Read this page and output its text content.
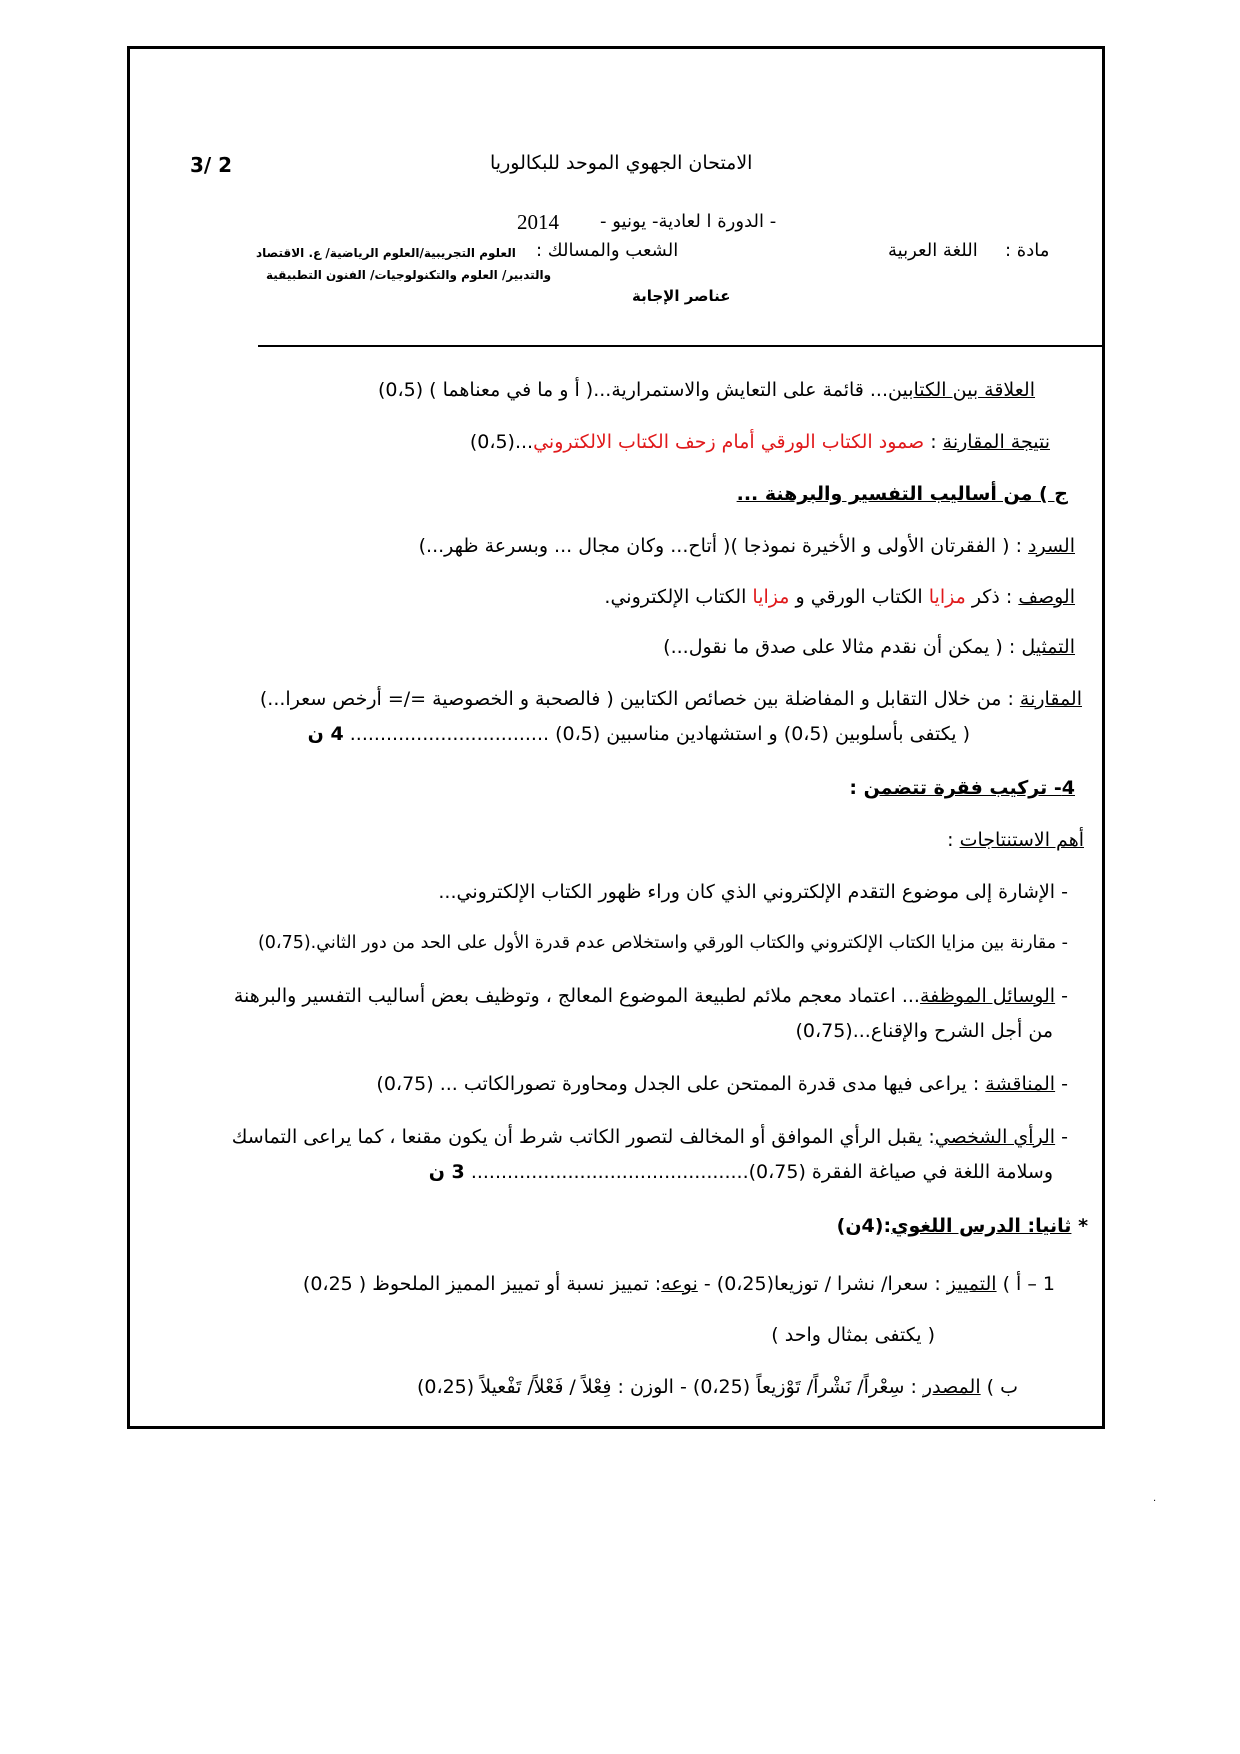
3/ 2	الامتحان الجهوي الموحد للبكالوريا
- الدورة ا لعادية- يونيو -
2014
مادة :
اللغة العربية
الشعب والمسالك :
العلوم التجريبية/العلوم الرياضية/ ع. الاقتصاد
والتدبير/ العلوم والتكنولوجيات/ الفنون التطبيقية
عناصر الإجابة
العلاقة بين الكتابين... قائمة على التعايش والاستمرارية...( أ و ما في معناهما ) (0،5)
نتيجة المقارنة : صمود الكتاب الورقي أمام زحف الكتاب الالكتروني...(0،5)
ج ) من أساليب التفسير والبرهنة ...
السرد : ( الفقرتان الأولى و الأخيرة نموذجا )( أتاح... وكان مجال ... وبسرعة ظهر...)
الوصف : ذكر مزايا الكتاب الورقي و مزايا الكتاب الإلكتروني.
التمثيل : ( يمكن أن نقدم مثالا على صدق ما نقول...)
المقارنة : من خلال التقابل و المفاضلة بين خصائص الكتابين ( فالصحبة و الخصوصية =/= أرخص سعرا...)
( يكتفى بأسلوبين (0،5) و استشهادين مناسبين (0،5) ................................. 4 ن
4- تركيب فقرة تتضمن :
أهم الاستنتاجات :
- الإشارة إلى موضوع التقدم الإلكتروني الذي كان وراء ظهور الكتاب الإلكتروني...
- مقارنة بين مزايا الكتاب الإلكتروني والكتاب الورقي واستخلاص عدم قدرة الأول على الحد من دور الثاني.(0،75)
- الوسائل الموظفة... اعتماد معجم ملائم لطبيعة الموضوع المعالج ، وتوظيف بعض أساليب التفسير والبرهنة
من أجل الشرح والإقناع...(0،75)
- المناقشة : يراعى فيها مدى قدرة الممتحن على الجدل ومحاورة تصورالكاتب ... (0،75)
- الرأي الشخصي: يقبل الرأي الموافق أو المخالف لتصور الكاتب شرط أن يكون مقنعا ، كما يراعى التماسك
وسلامة اللغة في صياغة الفقرة (0،75).............................................. 3 ن
* ثانيا: الدرس اللغوي:(4ن)
1 – أ ) التمييز : سعرا/ نشرا / توزيعا(0،25) - نوعه: تمييز نسبة أو تمييز المميز الملحوظ ( 0،25)
( يكتفى بمثال واحد )
ب ) المصدر : سِعْراً/ نَشْراً/ تَوْزيعاً (0،25) - الوزن : فِعْلاً / فَعْلاً/ تَفْعيلاً (0،25)
.
